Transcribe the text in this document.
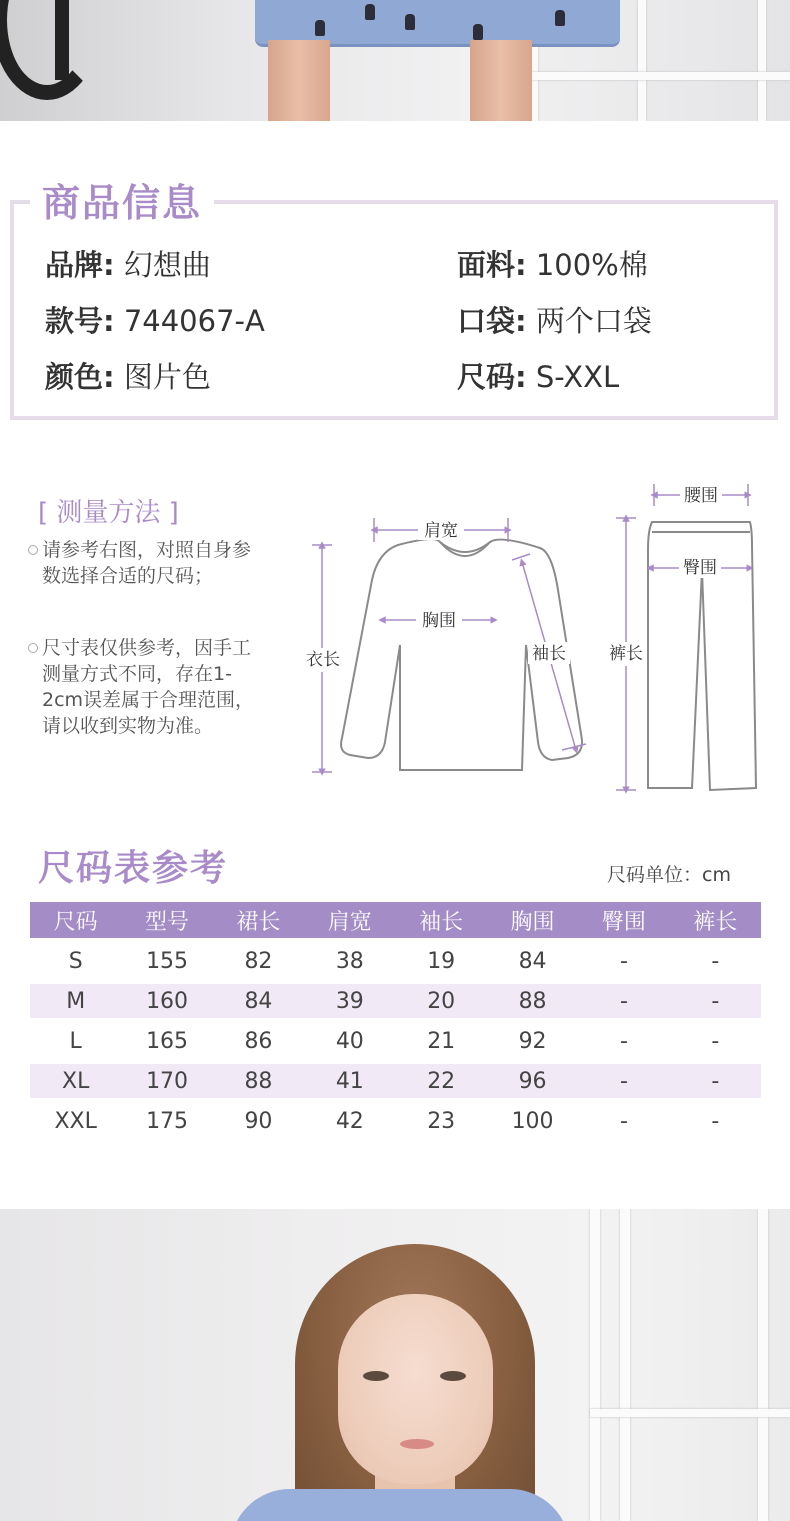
商品信息
品牌: 幻想曲
款号: 744067-A
颜色: 图片色
面料: 100%棉
口袋: 两个口袋
尺码: S-XXL
[ 测量方法 ]
请参考右图，对照自身参数选择合适的尺码；
尺寸表仅供参考，因手工测量方式不同，存在1-2cm误差属于合理范围，请以收到实物为准。
肩宽
胸围
衣长	袖长
腰围
臀围
裤长
尺码表参考	尺码单位：cm
尺码	型号	裙长	肩宽	袖长	胸围	臀围	裤长
S	155	82	38	19	84	-	-
M	160	84	39	20	88	-	-
L	165	86	40	21	92	-	-
XL	170	88	41	22	96	-	-
XXL	175	90	42	23	100	-	-
